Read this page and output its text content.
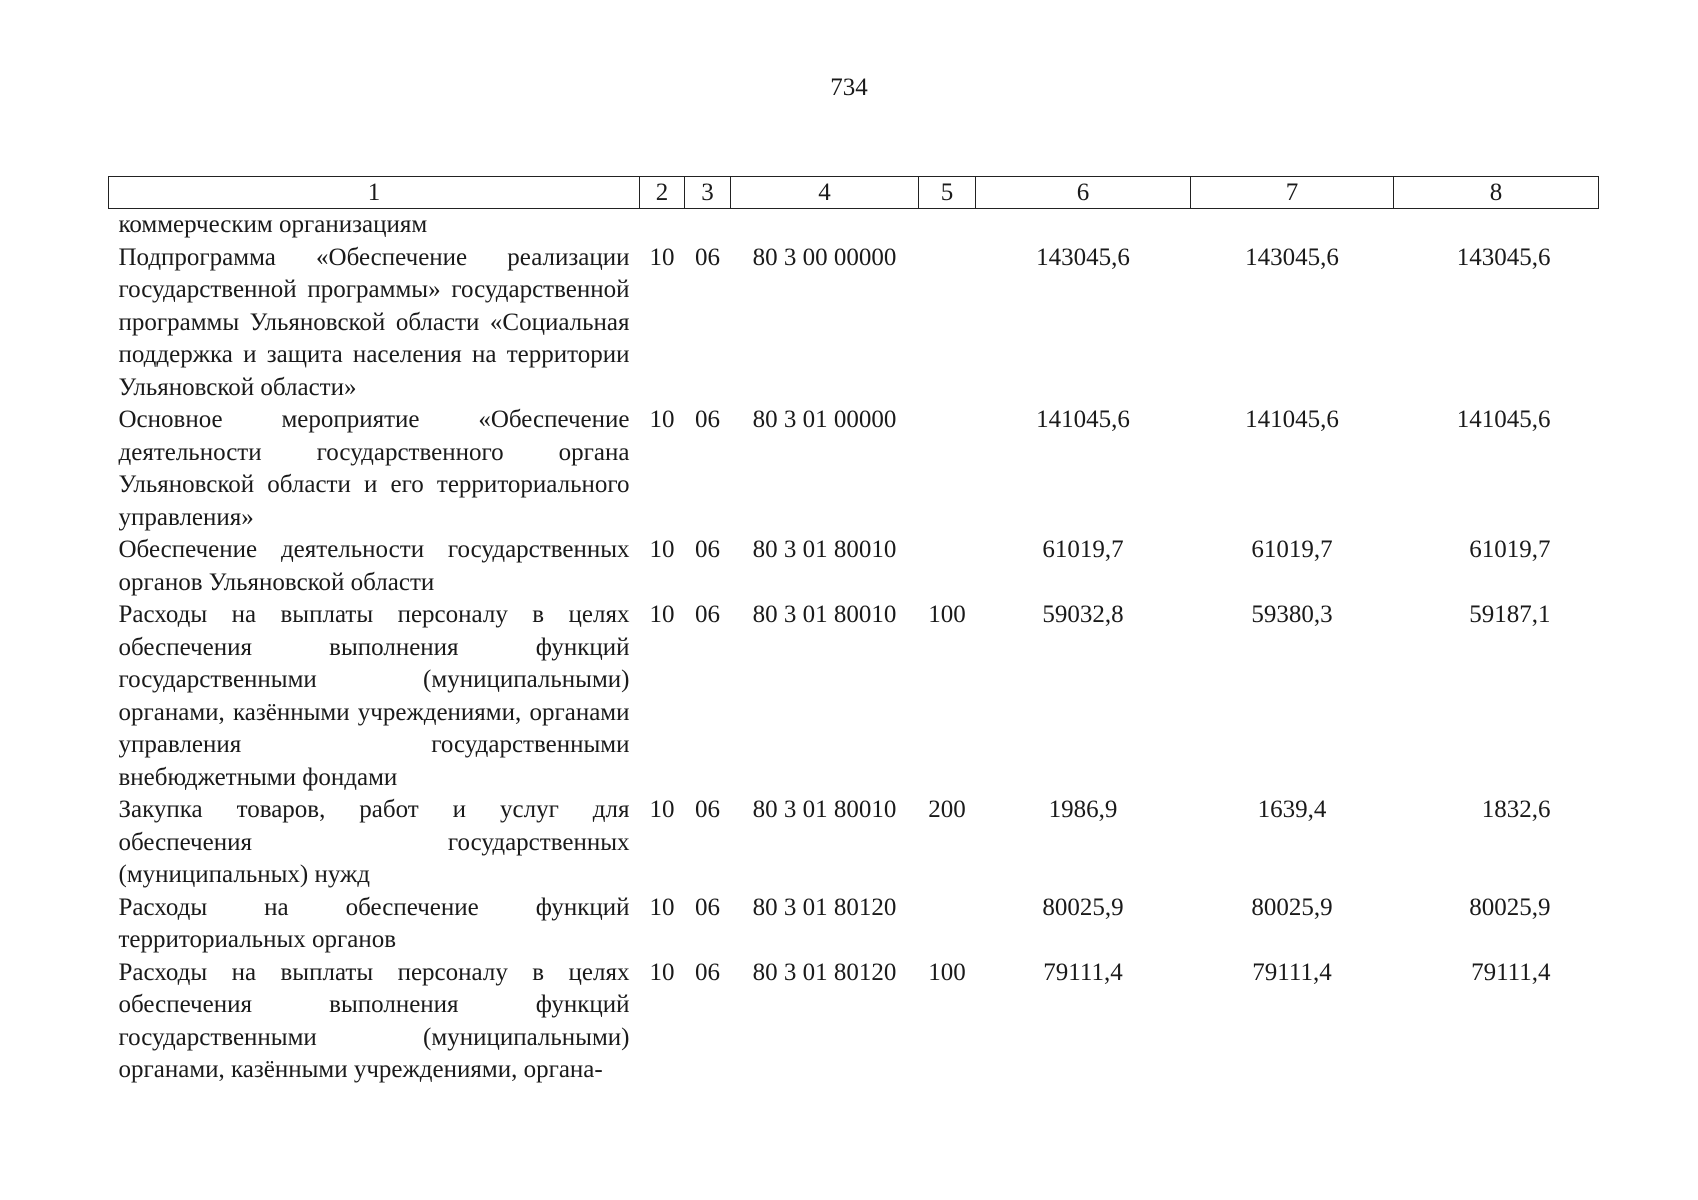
734
1	2	3	4	5	6	7	8
коммерческим организациям							
Подпрограмма «Обеспечение реализации государственной программы» государственной программы Ульяновской области «Социальная поддержка и защита населения на территории Ульяновской области»	10	06	80 3 00 00000		143045,6	143045,6	143045,6
Основное мероприятие «Обеспечение деятельности государственного органа Ульяновской области и его территориального управления»	10	06	80 3 01 00000		141045,6	141045,6	141045,6
Обеспечение деятельности государственных органов Ульяновской области	10	06	80 3 01 80010		61019,7	61019,7	61019,7
Расходы на выплаты персоналу в целях обеспечения выполнения функций государственными (муниципальными) органами, казёнными учреждениями, органами управления государственными внебюджетными фондами	10	06	80 3 01 80010	100	59032,8	59380,3	59187,1
Закупка товаров, работ и услуг для обеспечения государственных (муниципальных) нужд	10	06	80 3 01 80010	200	1986,9	1639,4	1832,6
Расходы на обеспечение функций территориальных органов	10	06	80 3 01 80120		80025,9	80025,9	80025,9
Расходы на выплаты персоналу в целях обеспечения выполнения функций государственными (муниципальными) органами, казёнными учреждениями, органа-	10	06	80 3 01 80120	100	79111,4	79111,4	79111,4
